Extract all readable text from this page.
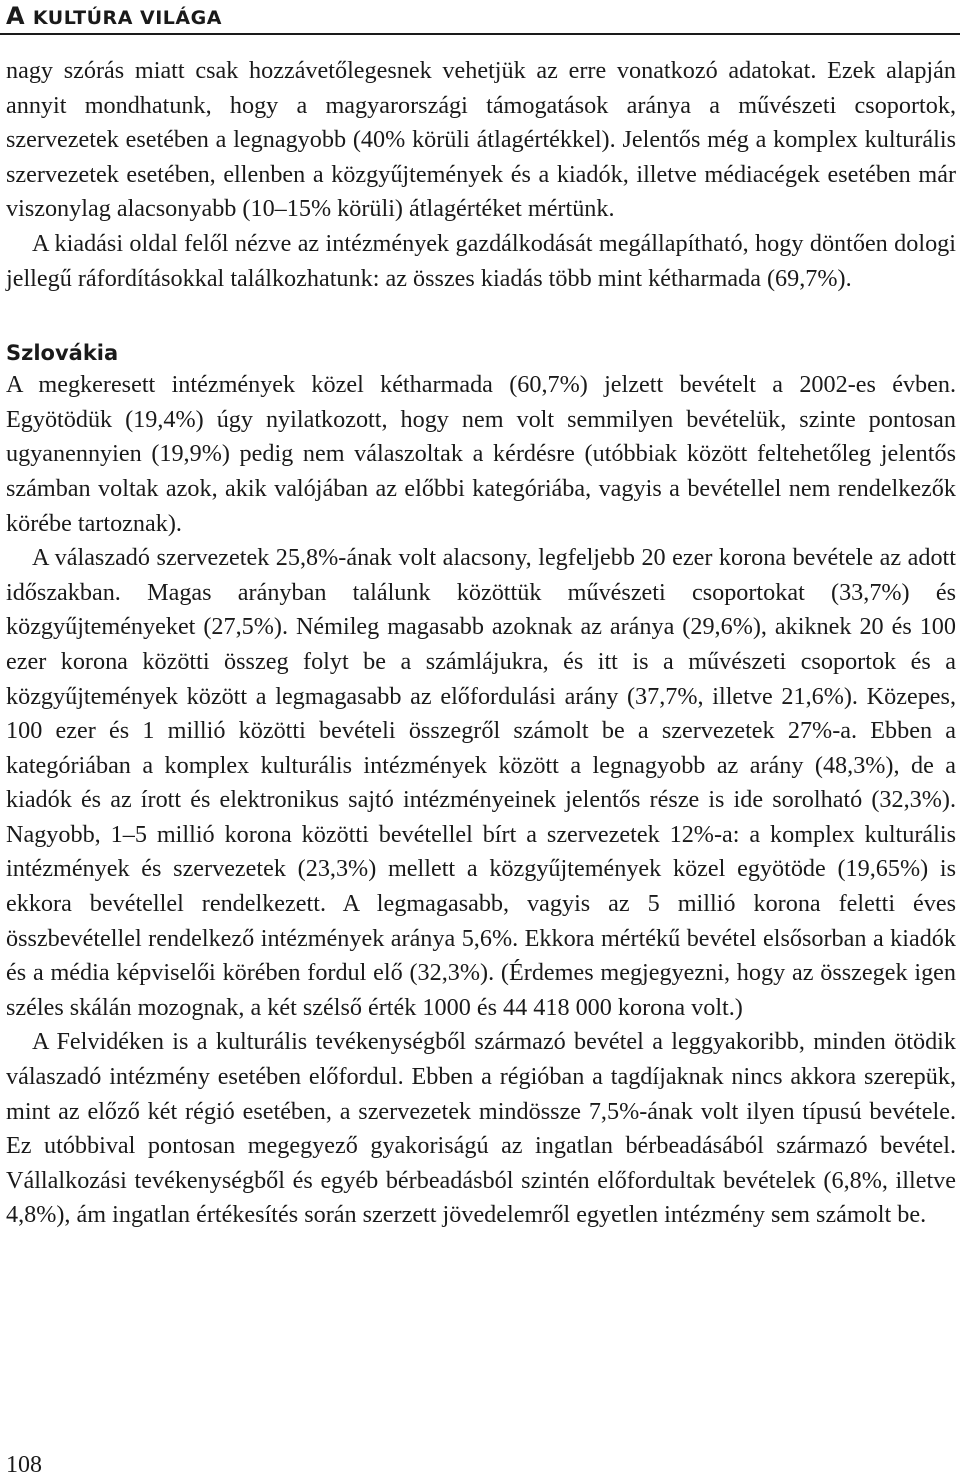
A KULTÚRA VILÁGA

nagy szórás miatt csak hozzávetőlegesnek vehetjük az erre vonatkozó adatokat. Ezek alapján annyit mondhatunk, hogy a magyarországi támogatások aránya a művészeti csoportok, szervezetek esetében a legnagyobb (40% körüli átlagértékkel). Jelentős még a komplex kulturális szervezetek esetében, ellenben a közgyűjtemények és a kiadók, illetve médiacégek esetében már viszonylag alacsonyabb (10–15% körüli) átlagértéket mértünk.

A kiadási oldal felől nézve az intézmények gazdálkodását megállapítható, hogy döntően dologi jellegű ráfordításokkal találkozhatunk: az összes kiadás több mint kétharmada (69,7%).

Szlovákia

A megkeresett intézmények közel kétharmada (60,7%) jelzett bevételt a 2002-es évben. Egyötödük (19,4%) úgy nyilatkozott, hogy nem volt semmilyen bevételük, szinte pontosan ugyanennyien (19,9%) pedig nem válaszoltak a kérdésre (utóbbiak között feltehetőleg jelentős számban voltak azok, akik valójában az előbbi kategóriába, vagyis a bevétellel nem rendelkezők körébe tartoznak).

A válaszadó szervezetek 25,8%-ának volt alacsony, legfeljebb 20 ezer korona bevétele az adott időszakban. Magas arányban találunk közöttük művészeti csoportokat (33,7%) és közgyűjteményeket (27,5%). Némileg magasabb azoknak az aránya (29,6%), akiknek 20 és 100 ezer korona közötti összeg folyt be a számlájukra, és itt is a művészeti csoportok és a közgyűjtemények között a legmagasabb az előfordulási arány (37,7%, illetve 21,6%). Közepes, 100 ezer és 1 millió közötti bevételi összegről számolt be a szervezetek 27%-a. Ebben a kategóriában a komplex kulturális intézmények között a legnagyobb az arány (48,3%), de a kiadók és az írott és elektronikus sajtó intézményeinek jelentős része is ide sorolható (32,3%). Nagyobb, 1–5 millió korona közötti bevétellel bírt a szervezetek 12%-a: a komplex kulturális intézmények és szervezetek (23,3%) mellett a közgyűjtemények közel egyötöde (19,65%) is ekkora bevétellel rendelkezett. A legmagasabb, vagyis az 5 millió korona feletti éves összbevétellel rendelkező intézmények aránya 5,6%. Ekkora mértékű bevétel elsősorban a kiadók és a média képviselői körében fordul elő (32,3%). (Érdemes megjegyezni, hogy az összegek igen széles skálán mozognak, a két szélső érték 1000 és 44 418 000 korona volt.)

A Felvidéken is a kulturális tevékenységből származó bevétel a leggyakoribb, minden ötödik válaszadó intézmény esetében előfordul. Ebben a régióban a tagdíjaknak nincs akkora szerepük, mint az előző két régió esetében, a szervezetek mindössze 7,5%-ának volt ilyen típusú bevétele. Ez utóbbival pontosan megegyező gyakoriságú az ingatlan bérbeadásából származó bevétel. Vállalkozási tevékenységből és egyéb bérbeadásból szintén előfordultak bevételek (6,8%, illetve 4,8%), ám ingatlan értékesítés során szerzett jövedelemről egyetlen intézmény sem számolt be.

108
